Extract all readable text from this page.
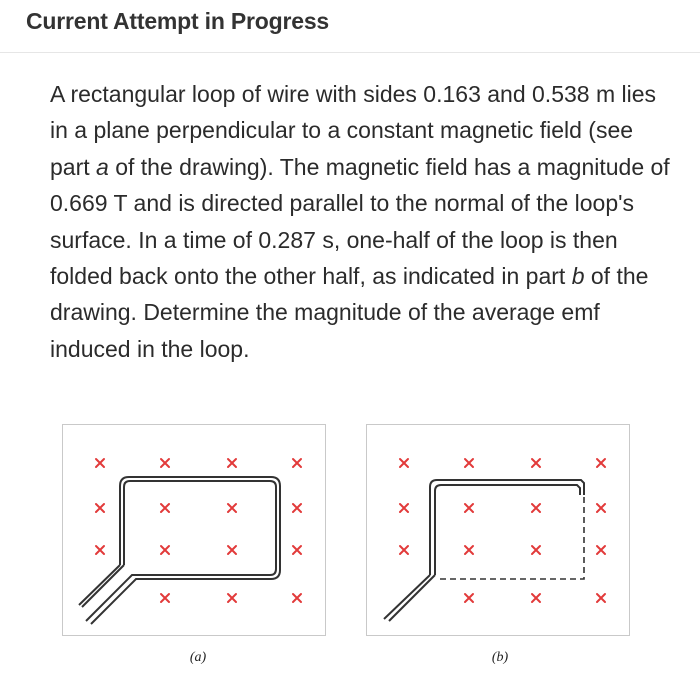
Current Attempt in Progress
A rectangular loop of wire with sides 0.163 and 0.538 m lies in a plane perpendicular to a constant magnetic field (see part a of the drawing). The magnetic field has a magnitude of 0.669 T and is directed parallel to the normal of the loop's surface. In a time of 0.287 s, one-half of the loop is then folded back onto the other half, as indicated in part b of the drawing. Determine the magnitude of the average emf induced in the loop.
(a)	(b)
